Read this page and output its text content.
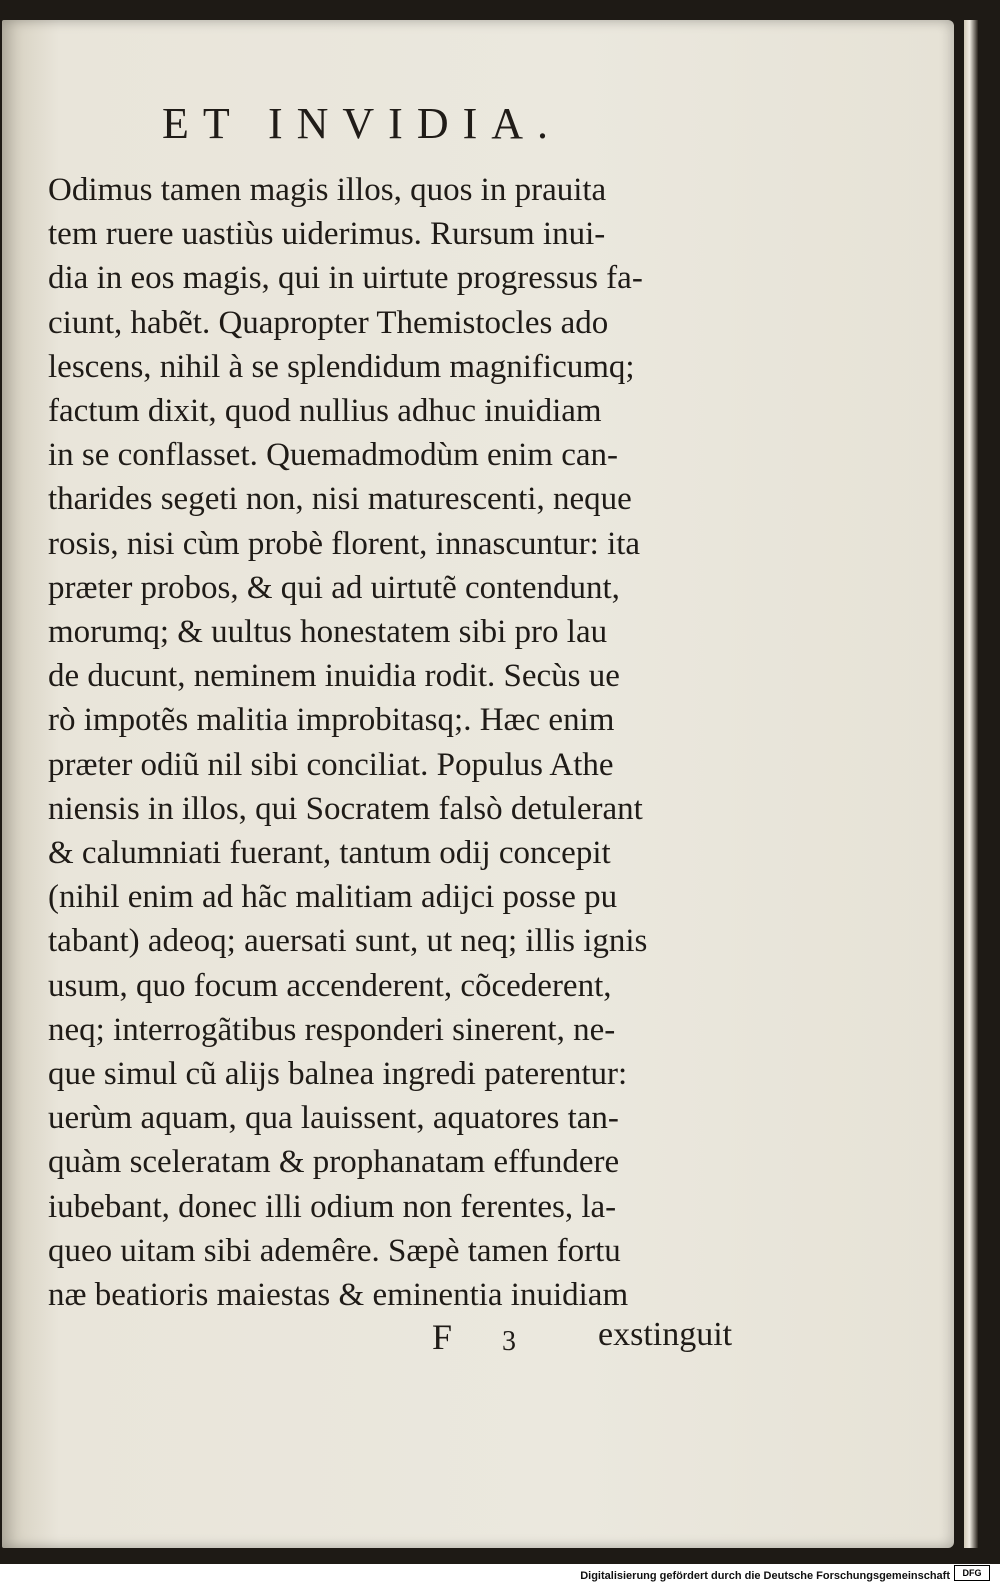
ET INVIDIA.
Odimus tamen magis illos, quos in prauita
tem ruere uastiùs uiderimus. Rursum inui-
dia in eos magis, qui in uirtute progressus fa-
ciunt, habẽt. Quapropter Themistocles ado
lescens, nihil à se splendidum magnificumq;
factum dixit, quod nullius adhuc inuidiam
in se conflasset. Quemadmodùm enim can-
tharides segeti non, nisi maturescenti, neque
rosis, nisi cùm probè florent, innascuntur: ita
præter probos, & qui ad uirtutẽ contendunt,
morumq; & uultus honestatem sibi pro lau
de ducunt, neminem inuidia rodit. Secùs ue
rò impotẽs malitia improbitasq;. Hæc enim
præter odiũ nil sibi conciliat. Populus Athe
niensis in illos, qui Socratem falsò detulerant
& calumniati fuerant, tantum odij concepit
(nihil enim ad hãc malitiam adijci posse pu
tabant) adeoq; auersati sunt, ut neq; illis ignis
usum, quo focum accenderent, cõcederent,
neq; interrogãtibus responderi sinerent, ne-
que simul cũ alijs balnea ingredi paterentur:
uerùm aquam, qua lauissent, aquatores tan-
quàm sceleratam & prophanatam effundere
iubebant, donec illi odium non ferentes, la-
queo uitam sibi ademêre. Sæpè tamen fortu
næ beatioris maiestas & eminentia inuidiam
F 3 exstinguit
Digitalisierung gefördert durch die Deutsche Forschungsgemeinschaft	DFG
